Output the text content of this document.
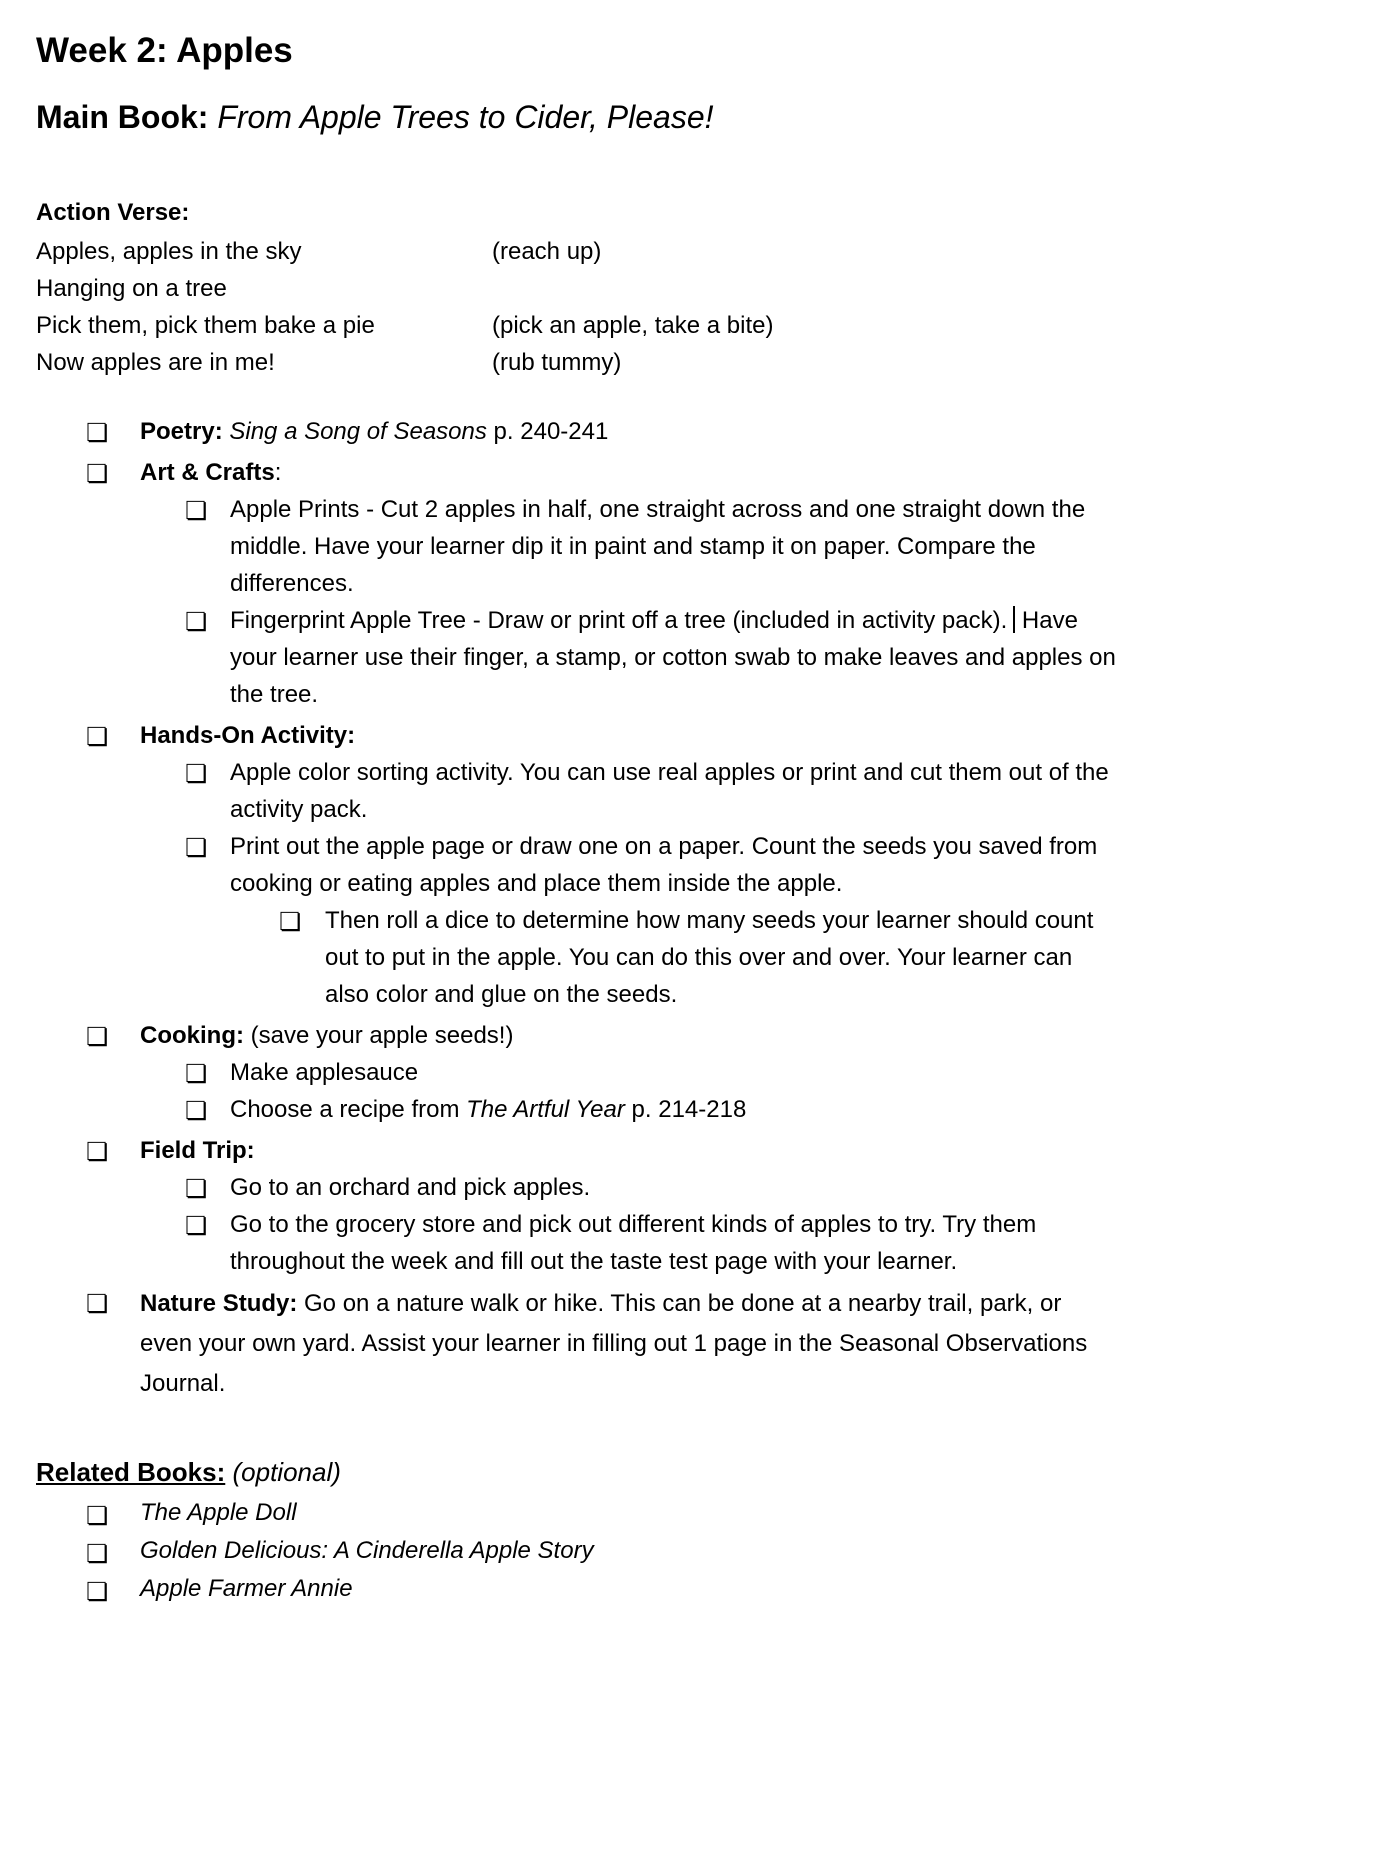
Week 2: Apples
Main Book: From Apple Trees to Cider, Please!
Action Verse:
Apples, apples in the sky	(reach up)
Hanging on a tree
Pick them, pick them bake a pie	(pick an apple, take a bite)
Now apples are in me!	(rub tummy)
❏ Poetry: Sing a Song of Seasons p. 240-241
❏ Art & Crafts:
❏ Apple Prints - Cut 2 apples in half, one straight across and one straight down the middle. Have your learner dip it in paint and stamp it on paper. Compare the differences.
❏ Fingerprint Apple Tree - Draw or print off a tree (included in activity pack). Have your learner use their finger, a stamp, or cotton swab to make leaves and apples on the tree.
❏ Hands-On Activity:
❏ Apple color sorting activity. You can use real apples or print and cut them out of the activity pack.
❏ Print out the apple page or draw one on a paper. Count the seeds you saved from cooking or eating apples and place them inside the apple.
❏ Then roll a dice to determine how many seeds your learner should count out to put in the apple. You can do this over and over. Your learner can also color and glue on the seeds.
❏ Cooking: (save your apple seeds!)
❏ Make applesauce
❏ Choose a recipe from The Artful Year p. 214-218
❏ Field Trip:
❏ Go to an orchard and pick apples.
❏ Go to the grocery store and pick out different kinds of apples to try. Try them throughout the week and fill out the taste test page with your learner.
❏ Nature Study: Go on a nature walk or hike. This can be done at a nearby trail, park, or even your own yard. Assist your learner in filling out 1 page in the Seasonal Observations Journal.
Related Books: (optional)
❏ The Apple Doll
❏ Golden Delicious: A Cinderella Apple Story
❏ Apple Farmer Annie
